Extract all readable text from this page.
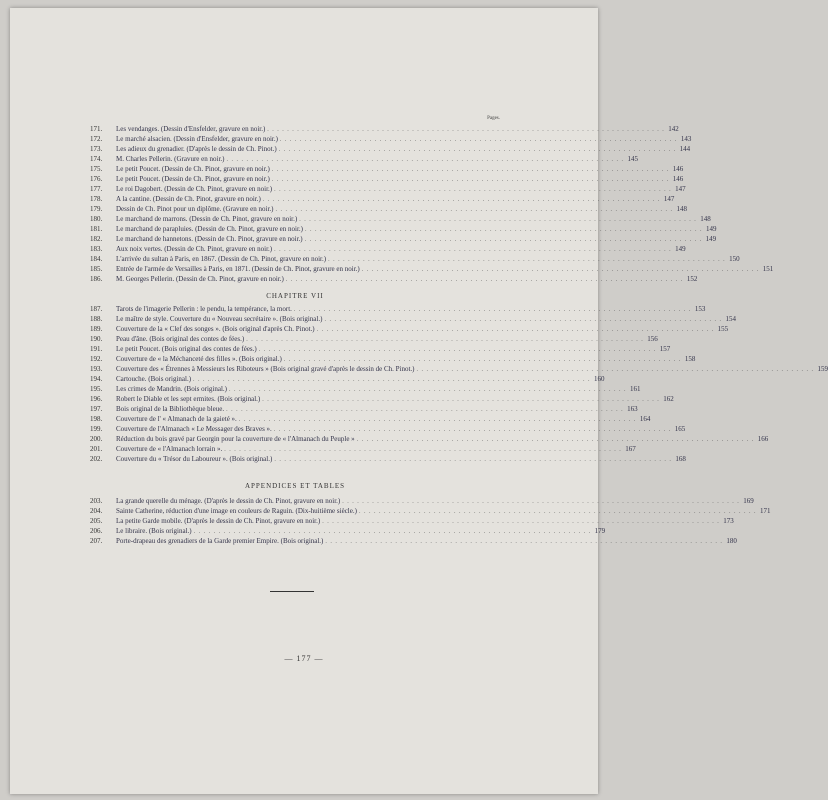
Pages.
171.	Les vendanges. (Dessin d'Ensfelder, gravure en noir.) . . . . . . . . . . . . . . . . . . . . . . . . . . . . . . . . . . . . . . . . . . . . . . . . . . . . . . . . . . . . . . . . . . . . . . . . . . . . . . . . 142
172.	Le marché alsacien. (Dessin d'Ensfelder, gravure en noir.) . . . . . . . . . . . . . . . . . . . . . . . . . . . . . . . . . . . . . . . . . . . . . . . . . . . . . . . . . . . . . . . . . . . . . . . . . . . . . . . . 143
173.	Les adieux du grenadier. (D'après le dessin de Ch. Pinot.) . . . . . . . . . . . . . . . . . . . . . . . . . . . . . . . . . . . . . . . . . . . . . . . . . . . . . . . . . . . . . . . . . . . . . . . . . . . . . . . . 144
174.	M. Charles Pellerin. (Gravure en noir.) . . . . . . . . . . . . . . . . . . . . . . . . . . . . . . . . . . . . . . . . . . . . . . . . . . . . . . . . . . . . . . . . . . . . . . . . . . . . . . . . 145
175.	Le petit Poucet. (Dessin de Ch. Pinot, gravure en noir.) . . . . . . . . . . . . . . . . . . . . . . . . . . . . . . . . . . . . . . . . . . . . . . . . . . . . . . . . . . . . . . . . . . . . . . . . . . . . . . . . 146
176.	Le petit Poucet. (Dessin de Ch. Pinot, gravure en noir.) . . . . . . . . . . . . . . . . . . . . . . . . . . . . . . . . . . . . . . . . . . . . . . . . . . . . . . . . . . . . . . . . . . . . . . . . . . . . . . . . 146
177.	Le roi Dagobert. (Dessin de Ch. Pinot, gravure en noir.) . . . . . . . . . . . . . . . . . . . . . . . . . . . . . . . . . . . . . . . . . . . . . . . . . . . . . . . . . . . . . . . . . . . . . . . . . . . . . . . . 147
178.	A la cantine. (Dessin de Ch. Pinot, gravure en noir.) . . . . . . . . . . . . . . . . . . . . . . . . . . . . . . . . . . . . . . . . . . . . . . . . . . . . . . . . . . . . . . . . . . . . . . . . . . . . . . . . 147
179.	Dessin de Ch. Pinot pour un diplôme. (Gravure en noir.) . . . . . . . . . . . . . . . . . . . . . . . . . . . . . . . . . . . . . . . . . . . . . . . . . . . . . . . . . . . . . . . . . . . . . . . . . . . . . . . . 148
180.	Le marchand de marrons. (Dessin de Ch. Pinot, gravure en noir.) . . . . . . . . . . . . . . . . . . . . . . . . . . . . . . . . . . . . . . . . . . . . . . . . . . . . . . . . . . . . . . . . . . . . . . . . . . . . . . . . 148
181.	Le marchand de parapluies. (Dessin de Ch. Pinot, gravure en noir.) . . . . . . . . . . . . . . . . . . . . . . . . . . . . . . . . . . . . . . . . . . . . . . . . . . . . . . . . . . . . . . . . . . . . . . . . . . . . . . . . 149
182.	Le marchand de hannetons. (Dessin de Ch. Pinot, gravure en noir.) . . . . . . . . . . . . . . . . . . . . . . . . . . . . . . . . . . . . . . . . . . . . . . . . . . . . . . . . . . . . . . . . . . . . . . . . . . . . . . . . 149
183.	Aux noix vertes. (Dessin de Ch. Pinot, gravure en noir.) . . . . . . . . . . . . . . . . . . . . . . . . . . . . . . . . . . . . . . . . . . . . . . . . . . . . . . . . . . . . . . . . . . . . . . . . . . . . . . . . 149
184.	L'arrivée du sultan à Paris, en 1867. (Dessin de Ch. Pinot, gravure en noir.) . . . . . . . . . . . . . . . . . . . . . . . . . . . . . . . . . . . . . . . . . . . . . . . . . . . . . . . . . . . . . . . . . . . . . . . . . . . . . . . . 150
185.	Entrée de l'armée de Versailles à Paris, en 1871. (Dessin de Ch. Pinot, gravure en noir.) . . . . . . . . . . . . . . . . . . . . . . . . . . . . . . . . . . . . . . . . . . . . . . . . . . . . . . . . . . . . . . . . . . . . . . . . . . . . . . . . 151
186.	M. Georges Pellerin. (Dessin de Ch. Pinot, gravure en noir.) . . . . . . . . . . . . . . . . . . . . . . . . . . . . . . . . . . . . . . . . . . . . . . . . . . . . . . . . . . . . . . . . . . . . . . . . . . . . . . . . 152
CHAPITRE VII
187.	Tarots de l'imagerie Pellerin : le pendu, la tempérance, la mort. . . . . . . . . . . . . . . . . . . . . . . . . . . . . . . . . . . . . . . . . . . . . . . . . . . . . . . . . . . . . . . . . . . . . . . . . . . . . . . . . 153
188.	Le maître de style. Couverture du « Nouveau secrétaire ». (Bois original.) . . . . . . . . . . . . . . . . . . . . . . . . . . . . . . . . . . . . . . . . . . . . . . . . . . . . . . . . . . . . . . . . . . . . . . . . . . . . . . . . 154
189.	Couverture de la « Clef des songes ». (Bois original d'après Ch. Pinot.) . . . . . . . . . . . . . . . . . . . . . . . . . . . . . . . . . . . . . . . . . . . . . . . . . . . . . . . . . . . . . . . . . . . . . . . . . . . . . . . . 155
190.	Peau d'âne. (Bois original des contes de fées.) . . . . . . . . . . . . . . . . . . . . . . . . . . . . . . . . . . . . . . . . . . . . . . . . . . . . . . . . . . . . . . . . . . . . . . . . . . . . . . . . 156
191.	Le petit Poucet. (Bois original des contes de fées.) . . . . . . . . . . . . . . . . . . . . . . . . . . . . . . . . . . . . . . . . . . . . . . . . . . . . . . . . . . . . . . . . . . . . . . . . . . . . . . . . 157
192.	Couverture de « la Méchanceté des filles ». (Bois original.) . . . . . . . . . . . . . . . . . . . . . . . . . . . . . . . . . . . . . . . . . . . . . . . . . . . . . . . . . . . . . . . . . . . . . . . . . . . . . . . . 158
193.	Couverture des « Étrennes à Messieurs les Riboteurs » (Bois original gravé d'après le dessin de Ch. Pinot.) . . . . . . . . . . . . . . . . . . . . . . . . . . . . . . . . . . . . . . . . . . . . . . . . . . . . . . . . . . . . . . . . . . . . . . . . . . . . . . . . 159
194.	Cartouche. (Bois original.) . . . . . . . . . . . . . . . . . . . . . . . . . . . . . . . . . . . . . . . . . . . . . . . . . . . . . . . . . . . . . . . . . . . . . . . . . . . . . . . . 160
195.	Les crimes de Mandrin. (Bois original.) . . . . . . . . . . . . . . . . . . . . . . . . . . . . . . . . . . . . . . . . . . . . . . . . . . . . . . . . . . . . . . . . . . . . . . . . . . . . . . . . 161
196.	Robert le Diable et les sept ermites. (Bois original.) . . . . . . . . . . . . . . . . . . . . . . . . . . . . . . . . . . . . . . . . . . . . . . . . . . . . . . . . . . . . . . . . . . . . . . . . . . . . . . . . 162
197.	Bois original de la Bibliothèque bleue. . . . . . . . . . . . . . . . . . . . . . . . . . . . . . . . . . . . . . . . . . . . . . . . . . . . . . . . . . . . . . . . . . . . . . . . . . . . . . . . . 163
198.	Couverture de l' « Almanach de la gaieté ». . . . . . . . . . . . . . . . . . . . . . . . . . . . . . . . . . . . . . . . . . . . . . . . . . . . . . . . . . . . . . . . . . . . . . . . . . . . . . . . . 164
199.	Couverture de l'Almanach « Le Messager des Braves ». . . . . . . . . . . . . . . . . . . . . . . . . . . . . . . . . . . . . . . . . . . . . . . . . . . . . . . . . . . . . . . . . . . . . . . . . . . . . . . . . 165
200.	Réduction du bois gravé par Georgin pour la couverture de « l'Almanach du Peuple » . . . . . . . . . . . . . . . . . . . . . . . . . . . . . . . . . . . . . . . . . . . . . . . . . . . . . . . . . . . . . . . . . . . . . . . . . . . . . . . . 166
201.	Couverture de « l'Almanach lorrain ». . . . . . . . . . . . . . . . . . . . . . . . . . . . . . . . . . . . . . . . . . . . . . . . . . . . . . . . . . . . . . . . . . . . . . . . . . . . . . . . . 167
202.	Couverture du « Trésor du Laboureur ». (Bois original.) . . . . . . . . . . . . . . . . . . . . . . . . . . . . . . . . . . . . . . . . . . . . . . . . . . . . . . . . . . . . . . . . . . . . . . . . . . . . . . . . 168
APPENDICES ET TABLES
203.	La grande querelle du ménage. (D'après le dessin de Ch. Pinot, gravure en noir.) . . . . . . . . . . . . . . . . . . . . . . . . . . . . . . . . . . . . . . . . . . . . . . . . . . . . . . . . . . . . . . . . . . . . . . . . . . . . . . . . 169
204.	Sainte Catherine, réduction d'une image en couleurs de Raguin. (Dix-huitième siècle.) . . . . . . . . . . . . . . . . . . . . . . . . . . . . . . . . . . . . . . . . . . . . . . . . . . . . . . . . . . . . . . . . . . . . . . . . . . . . . . . . 171
205.	La petite Garde mobile. (D'après le dessin de Ch. Pinot, gravure en noir.) . . . . . . . . . . . . . . . . . . . . . . . . . . . . . . . . . . . . . . . . . . . . . . . . . . . . . . . . . . . . . . . . . . . . . . . . . . . . . . . . 173
206.	Le libraire. (Bois original.) . . . . . . . . . . . . . . . . . . . . . . . . . . . . . . . . . . . . . . . . . . . . . . . . . . . . . . . . . . . . . . . . . . . . . . . . . . . . . . . . 179
207.	Porte-drapeau des grenadiers de la Garde premier Empire. (Bois original.) . . . . . . . . . . . . . . . . . . . . . . . . . . . . . . . . . . . . . . . . . . . . . . . . . . . . . . . . . . . . . . . . . . . . . . . . . . . . . . . . 180
— 177 —
